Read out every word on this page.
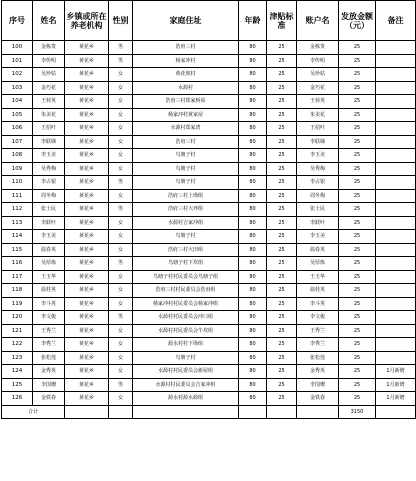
序号	姓名	乡镇或所在养老机构	性别	家庭住址	年龄	津贴标准	账户名	发放金额（元）	备注
100	金栋贵	黄花乡	男	浩府三村	80	25	金栋贵	25	
101	李传明	黄花乡	男	杨家冲村	80	25	李传明	25	
102	吴珍姑	黄花乡	女	黄花坡村	80	25	吴珍姑	25	
103	金巧花	黄花乡	女	水源村	80	25	金巧花	25	
104	王荷英	黄花乡	女	浩府三村郑家桥屋	80	25	王荷英	25	
105	朱美花	黄花乡	女	杨家冲村黄家屋	80	25	朱美花	25	
106	王招叶	黄花乡	女	水源村郑家湾	80	25	王招叶	25	
107	李联娣	黄花乡	女	浩府三村	80	25	李联娣	25	
108	李玉美	黄花乡	女	鸟塘子村	80	25	李玉美	25	
109	吴秀梅	黄花乡	女	鸟塘子村	80	25	吴秀梅	25	
110	李占银	黄花乡	男	鸟塘子村	80	25	李占银	25	
111	周冬梅	黄花乡	女	浩府三村上坳组	80	25	周冬梅	25	
112	张士民	黄花乡	男	浩府三村大坪组	80	25	张士民	25	
113	李跃叶	黄花乡	女	水源村吉家冲组	80	25	李跃叶	25	
114	李玉美	黄花乡	女	鸟塘子村	80	25	李玉美	25	
115	温春英	黄花乡	女	浩府三村大田组	80	25	温春英	25	
116	吴厚炼	黄花乡	男	鸟塘子村下坎组	80	25	吴厚炼	25	
117	王玉华	黄花乡	女	鸟塘子村村民委员会鸟塘子组	80	25	王玉华	25	
118	温桂英	黄花乡	女	浩府三村村民委员会浩府组	80	25	温桂英	25	
119	李斗英	黄花乡	女	杨家冲村村民委员会杨家冲组	80	25	李斗英	25	
120	李文俊	黄花乡	男	水源村村民委员会冲口组	80	25	李文俊	25	
121	王秀兰	黄花乡	女	水源村村民委员会牛坎组	80	25	王秀兰	25	
122	李秀兰	黄花乡	女	源水村村下坳组	80	25	李秀兰	25	
123	张松莲	黄花乡	女	鸟塘子村	80	25	张松莲	25	
124	金秀英	黄花乡	女	水源村村民委员会新屋组	80	25	金秀英	25	1月新增
125	李国珊	黄花乡	男	水源村村民委员会吉家冲组	80	25	李国珊	25	1月新增
126	金铁春	黄花乡	女	源水村源水源组	80	25	金铁春	25	1月新增
合计								3150	
